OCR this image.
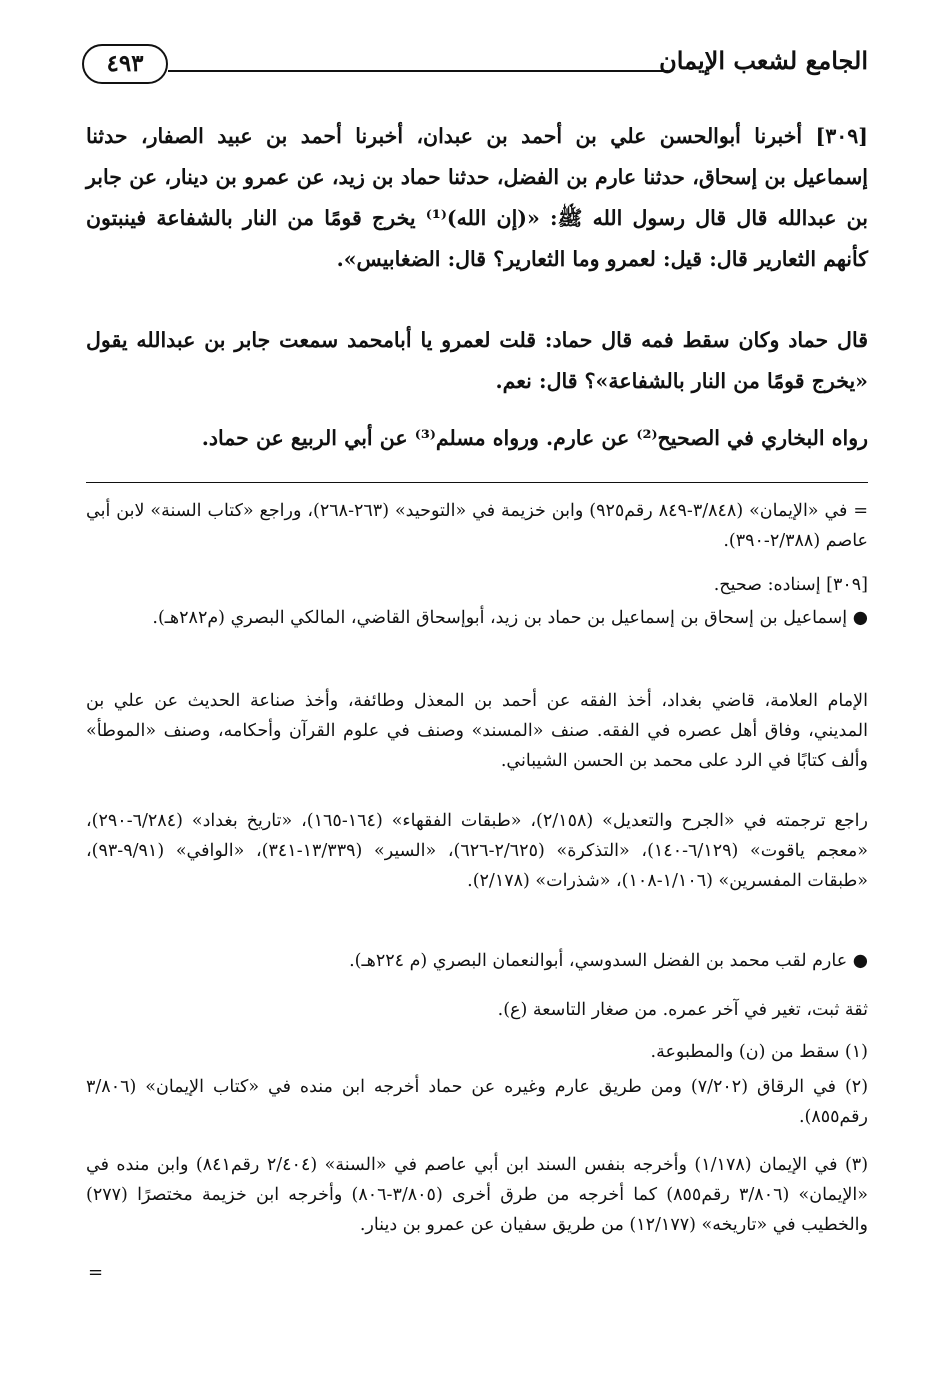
الجامع لشعب الإيمان
٤٩٣
[٣٠٩] أخبرنا أبوالحسن علي بن أحمد بن عبدان، أخبرنا أحمد بن عبيد الصفار، حدثنا إسماعيل بن إسحاق، حدثنا عارم بن الفضل، حدثنا حماد بن زيد، عن عمرو بن دينار، عن جابر بن عبدالله قال قال رسول الله ﷺ: «(إن الله)⁽¹⁾ يخرج قومًا من النار بالشفاعة فينبتون كأنهم الثعارير قال: قيل: لعمرو وما الثعارير؟ قال: الضغابيس».
قال حماد وكان سقط فمه قال حماد: قلت لعمرو يا أبامحمد سمعت جابر بن عبدالله يقول «يخرج قومًا من النار بالشفاعة»؟ قال: نعم.
رواه البخاري في الصحيح⁽²⁾ عن عارم. ورواه مسلم⁽³⁾ عن أبي الربيع عن حماد.
= في «الإيمان» (٣/٨٤٨-٨٤٩ رقم٩٢٥) وابن خزيمة في «التوحيد» (٢٦٣-٢٦٨)، وراجع «كتاب السنة» لابن أبي عاصم (٢/٣٨٨-٣٩٠).
[٣٠٩] إسناده: صحيح.
● إسماعيل بن إسحاق بن إسماعيل بن حماد بن زيد، أبوإسحاق القاضي، المالكي البصري (م٢٨٢هـ).
الإمام العلامة، قاضي بغداد، أخذ الفقه عن أحمد بن المعذل وطائفة، وأخذ صناعة الحديث عن علي بن المديني، وفاق أهل عصره في الفقه. صنف «المسند» وصنف في علوم القرآن وأحكامه، وصنف «الموطأ» وألف كتابًا في الرد على محمد بن الحسن الشيباني.
راجع ترجمته في «الجرح والتعديل» (٢/١٥٨)، «طبقات الفقهاء» (١٦٤-١٦٥)، «تاريخ بغداد» (٦/٢٨٤-٢٩٠)، «معجم ياقوت» (٦/١٢٩-١٤٠)، «التذكرة» (٢/٦٢٥-٦٢٦)، «السير» (١٣/٣٣٩-٣٤١)، «الوافي» (٩/٩١-٩٣)، «طبقات المفسرين» (١/١٠٦-١٠٨)، «شذرات» (٢/١٧٨).
● عارم لقب محمد بن الفضل السدوسي، أبوالنعمان البصري (م ٢٢٤هـ).
ثقة ثبت، تغير في آخر عمره. من صغار التاسعة (ع).
(١) سقط من (ن) والمطبوعة.
(٢) في الرقاق (٧/٢٠٢) ومن طريق عارم وغيره عن حماد أخرجه ابن منده في «كتاب الإيمان» (٣/٨٠٦ رقم٨٥٥).
(٣) في الإيمان (١/١٧٨) وأخرجه بنفس السند ابن أبي عاصم في «السنة» (٢/٤٠٤ رقم٨٤١) وابن منده في «الإيمان» (٣/٨٠٦ رقم٨٥٥) كما أخرجه من طرق أخرى (٣/٨٠٥-٨٠٦) وأخرجه ابن خزيمة مختصرًا (٢٧٧) والخطيب في «تاريخه» (١٢/١٧٧) من طريق سفيان عن عمرو بن دينار.
=
